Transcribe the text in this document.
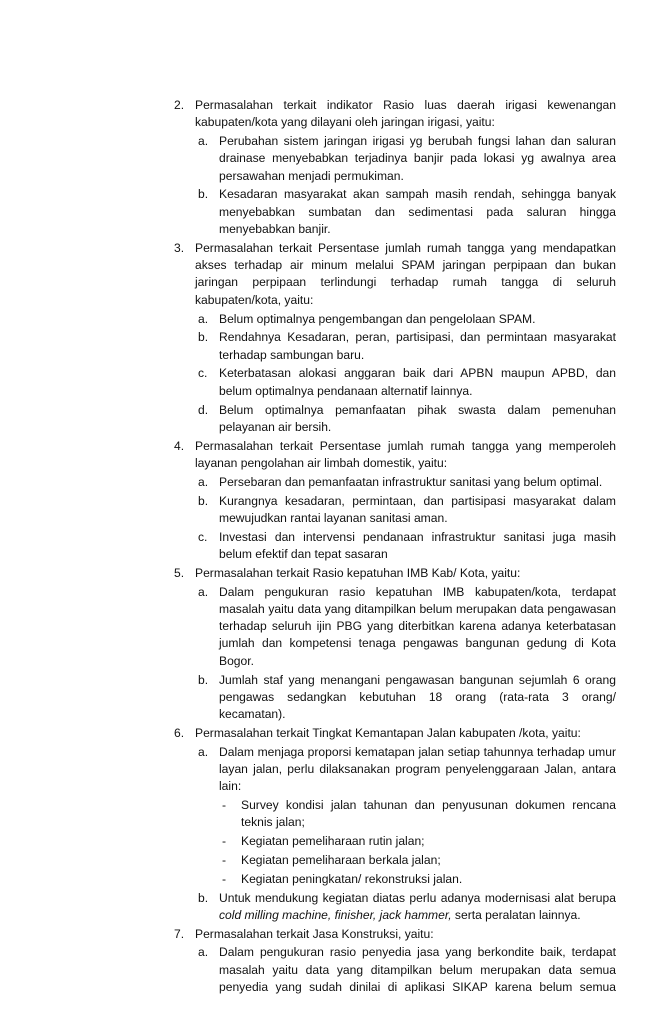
2. Permasalahan terkait indikator Rasio luas daerah irigasi kewenangan kabupaten/kota yang dilayani oleh jaringan irigasi, yaitu:
a. Perubahan sistem jaringan irigasi yg berubah fungsi lahan dan saluran drainase menyebabkan terjadinya banjir pada lokasi yg awalnya area persawahan menjadi permukiman.
b. Kesadaran masyarakat akan sampah masih rendah, sehingga banyak menyebabkan sumbatan dan sedimentasi pada saluran hingga menyebabkan banjir.
3. Permasalahan terkait Persentase jumlah rumah tangga yang mendapatkan akses terhadap air minum melalui SPAM jaringan perpipaan dan bukan jaringan perpipaan terlindungi terhadap rumah tangga di seluruh kabupaten/kota, yaitu:
a. Belum optimalnya pengembangan dan pengelolaan SPAM.
b. Rendahnya Kesadaran, peran, partisipasi, dan permintaan masyarakat terhadap sambungan baru.
c. Keterbatasan alokasi anggaran baik dari APBN maupun APBD, dan belum optimalnya pendanaan alternatif lainnya.
d. Belum optimalnya pemanfaatan pihak swasta dalam pemenuhan pelayanan air bersih.
4. Permasalahan terkait Persentase jumlah rumah tangga yang memperoleh layanan pengolahan air limbah domestik, yaitu:
a. Persebaran dan pemanfaatan infrastruktur sanitasi yang belum optimal.
b. Kurangnya kesadaran, permintaan, dan partisipasi masyarakat dalam mewujudkan rantai layanan sanitasi aman.
c. Investasi dan intervensi pendanaan infrastruktur sanitasi juga masih belum efektif dan tepat sasaran
5. Permasalahan terkait Rasio kepatuhan IMB Kab/ Kota, yaitu:
a. Dalam pengukuran rasio kepatuhan IMB kabupaten/kota, terdapat masalah yaitu data yang ditampilkan belum merupakan data pengawasan terhadap seluruh ijin PBG yang diterbitkan karena adanya keterbatasan jumlah dan kompetensi tenaga pengawas bangunan gedung di Kota Bogor.
b. Jumlah staf yang menangani pengawasan bangunan sejumlah 6 orang pengawas sedangkan kebutuhan 18 orang (rata-rata 3 orang/ kecamatan).
6. Permasalahan terkait Tingkat Kemantapan Jalan kabupaten /kota, yaitu:
a. Dalam menjaga proporsi kematapan jalan setiap tahunnya terhadap umur layan jalan, perlu dilaksanakan program penyelenggaraan Jalan, antara lain:
- Survey kondisi jalan tahunan dan penyusunan dokumen rencana teknis jalan;
- Kegiatan pemeliharaan rutin jalan;
- Kegiatan pemeliharaan berkala jalan;
- Kegiatan peningkatan/ rekonstruksi jalan.
b. Untuk mendukung kegiatan diatas perlu adanya modernisasi alat berupa cold milling machine, finisher, jack hammer, serta peralatan lainnya.
7. Permasalahan terkait Jasa Konstruksi, yaitu:
a. Dalam pengukuran rasio penyedia jasa yang berkondite baik, terdapat masalah yaitu data yang ditampilkan belum merupakan data semua penyedia yang sudah dinilai di aplikasi SIKAP karena belum semua
